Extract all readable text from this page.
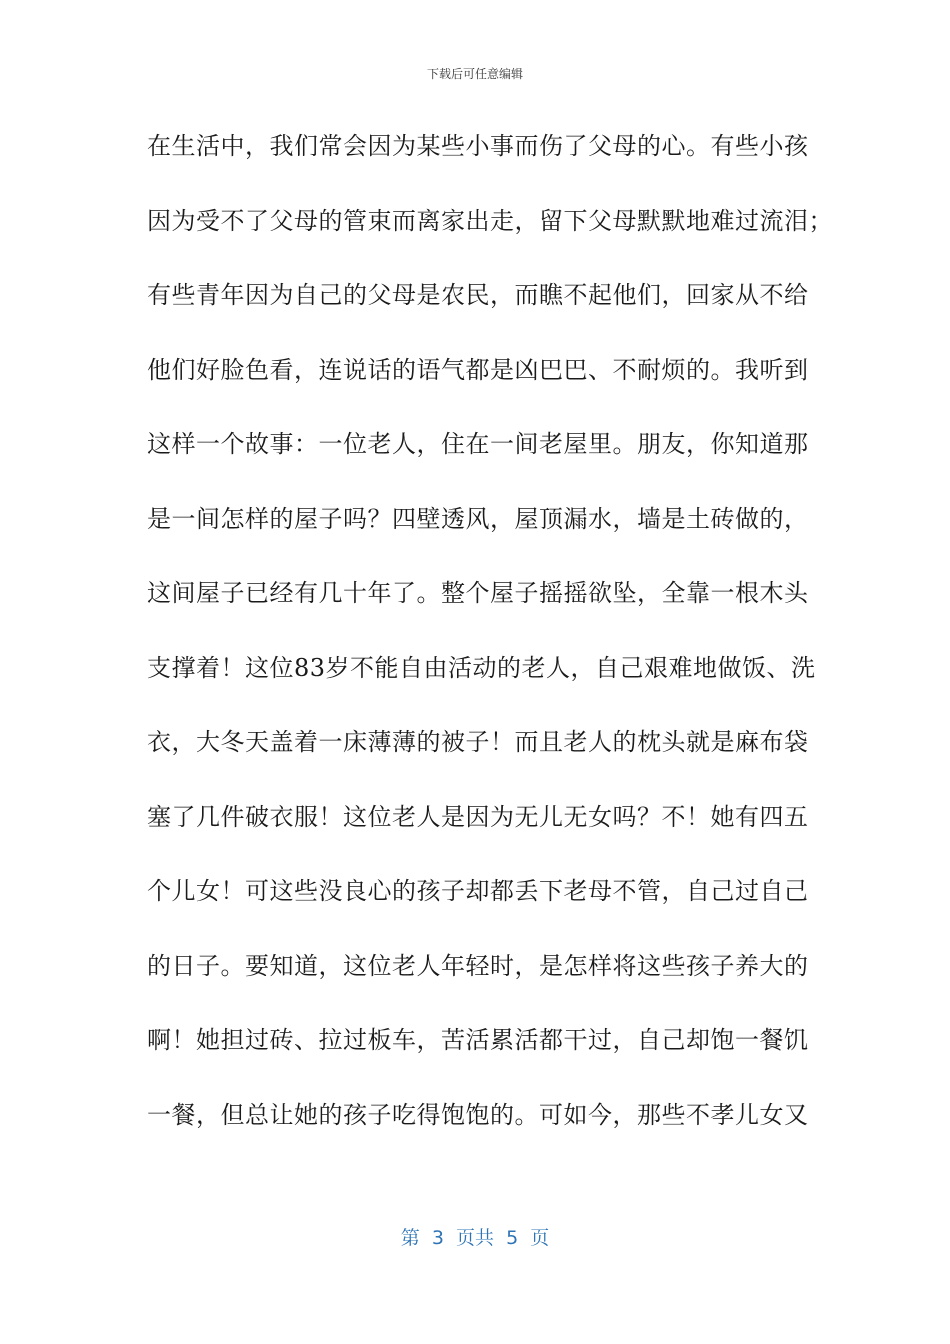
下载后可任意编辑
在生活中，我们常会因为某些小事而伤了父母的心。有些小孩
因为受不了父母的管束而离家出走，留下父母默默地难过流泪；
有些青年因为自己的父母是农民，而瞧不起他们，回家从不给
他们好脸色看，连说话的语气都是凶巴巴、不耐烦的。我听到
这样一个故事：一位老人，住在一间老屋里。朋友，你知道那
是一间怎样的屋子吗？四壁透风，屋顶漏水，墙是土砖做的，
这间屋子已经有几十年了。整个屋子摇摇欲坠，全靠一根木头
支撑着！这位83岁不能自由活动的老人，自己艰难地做饭、洗
衣，大冬天盖着一床薄薄的被子！而且老人的枕头就是麻布袋
塞了几件破衣服！这位老人是因为无儿无女吗？不！她有四五
个儿女！可这些没良心的孩子却都丢下老母不管，自己过自己
的日子。要知道，这位老人年轻时，是怎样将这些孩子养大的
啊！她担过砖、拉过板车，苦活累活都干过，自己却饱一餐饥
一餐，但总让她的孩子吃得饱饱的。可如今，那些不孝儿女又
第  3  页共  5  页
